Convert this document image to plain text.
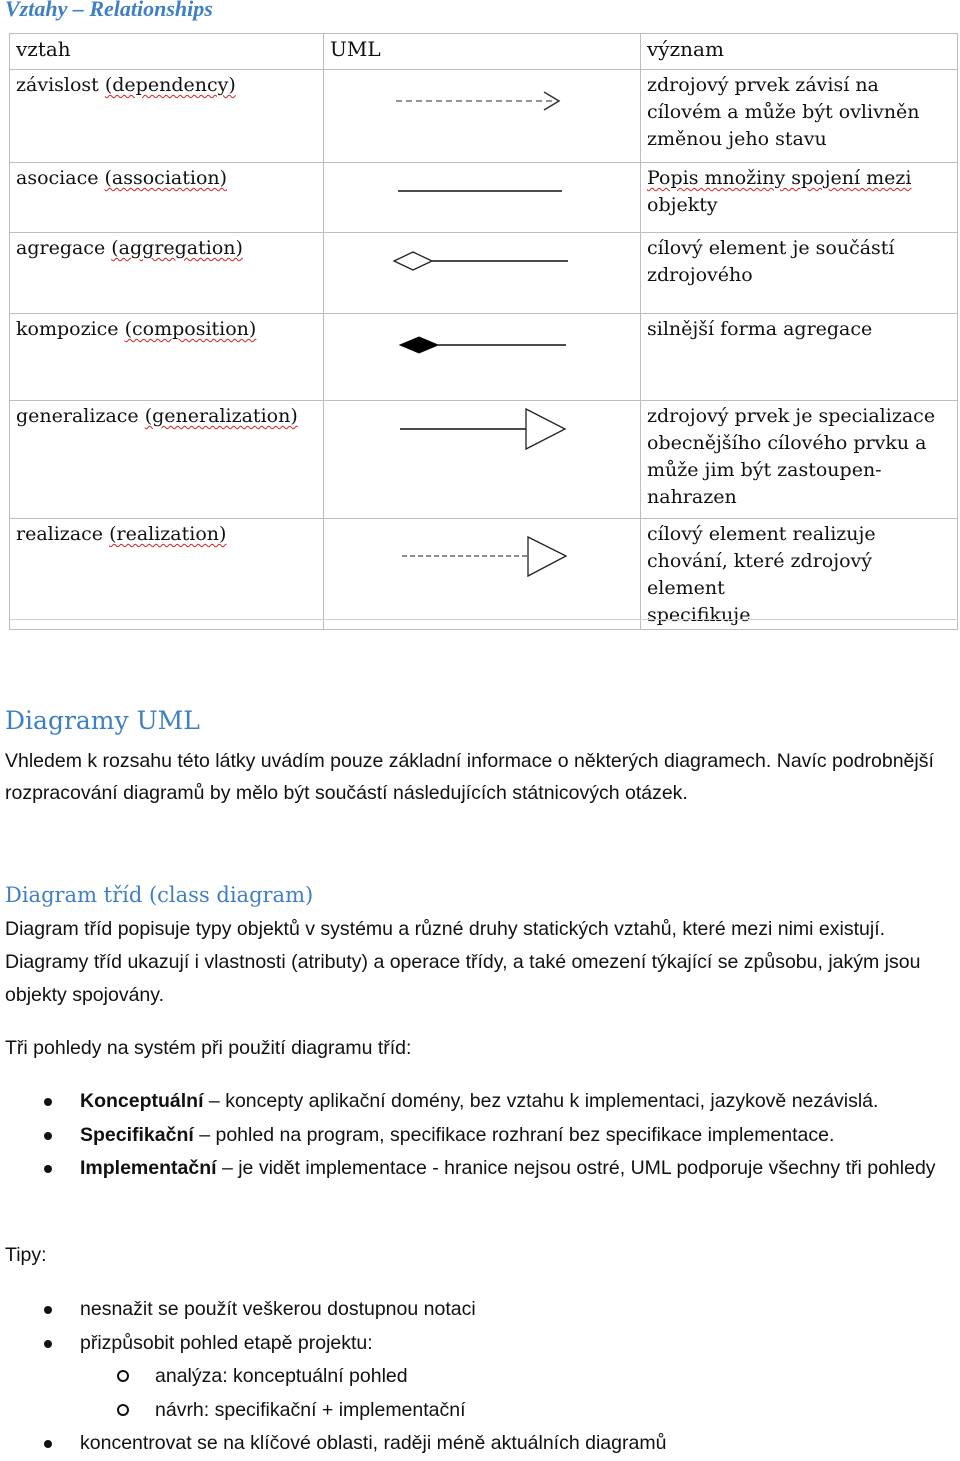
Vztahy – Relationships
vztah	UML	význam
závislost (dependency)		zdrojový prvek závisí na
cílovém a může být ovlivněn
změnou jeho stavu
asociace (association)		Popis množiny spojení mezi
objekty
agregace (aggregation)		cílový element je součástí
zdrojového
kompozice (composition)		silnější forma agregace
generalizace (generalization)		zdrojový prvek je specializace
obecnějšího cílového prvku a
může jim být zastoupen-
nahrazen
realizace (realization)		cílový element realizuje
chování, které zdrojový element
specifikuje
Diagramy UML

Vhledem k rozsahu této látky uvádím pouze základní informace o některých diagramech. Navíc podrobnější rozpracování diagramů by mělo být součástí následujících státnicových otázek.

Diagram tříd (class diagram)

Diagram tříd popisuje typy objektů v systému a různé druhy statických vztahů, které mezi nimi existují. Diagramy tříd ukazují i vlastnosti (atributy) a operace třídy, a také omezení týkající se způsobu, jakým jsou objekty spojovány.

Tři pohledy na systém při použití diagramu tříd:

Konceptuální – koncepty aplikační domény, bez vztahu k implementaci, jazykově nezávislá.
Specifikační – pohled na program, specifikace rozhraní bez specifikace implementace.
Implementační – je vidět implementace - hranice nejsou ostré, UML podporuje všechny tři pohledy

Tipy:

nesnažit se použít veškerou dostupnou notaci
přizpůsobit pohled etapě projektu:
analýza: konceptuální pohled
návrh: specifikační + implementační
koncentrovat se na klíčové oblasti, raději méně aktuálních diagramů
